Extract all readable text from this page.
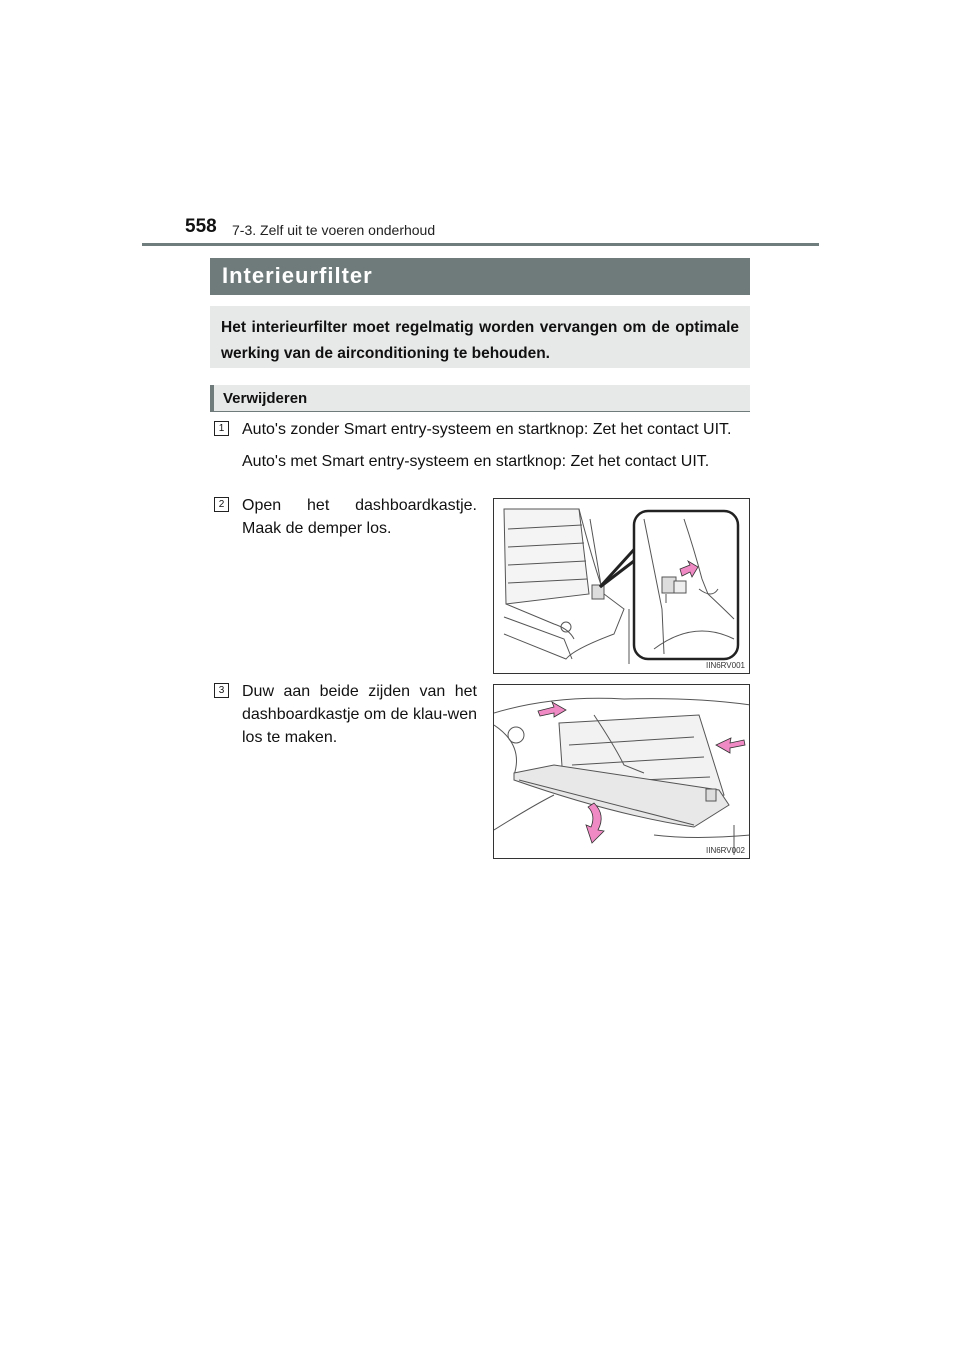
558 7-3. Zelf uit te voeren onderhoud
Interieurfilter
Het interieurfilter moet regelmatig worden vervangen om de optimale werking van de airconditioning te behouden.
Verwijderen
1 Auto's zonder Smart entry-systeem en startknop: Zet het contact UIT.
Auto's met Smart entry-systeem en startknop: Zet het contact UIT.
2 Open het dashboardkastje. Maak de demper los.
IIN6RV001
3 Duw aan beide zijden van het dashboardkastje om de klau-wen los te maken.
IIN6RV002
